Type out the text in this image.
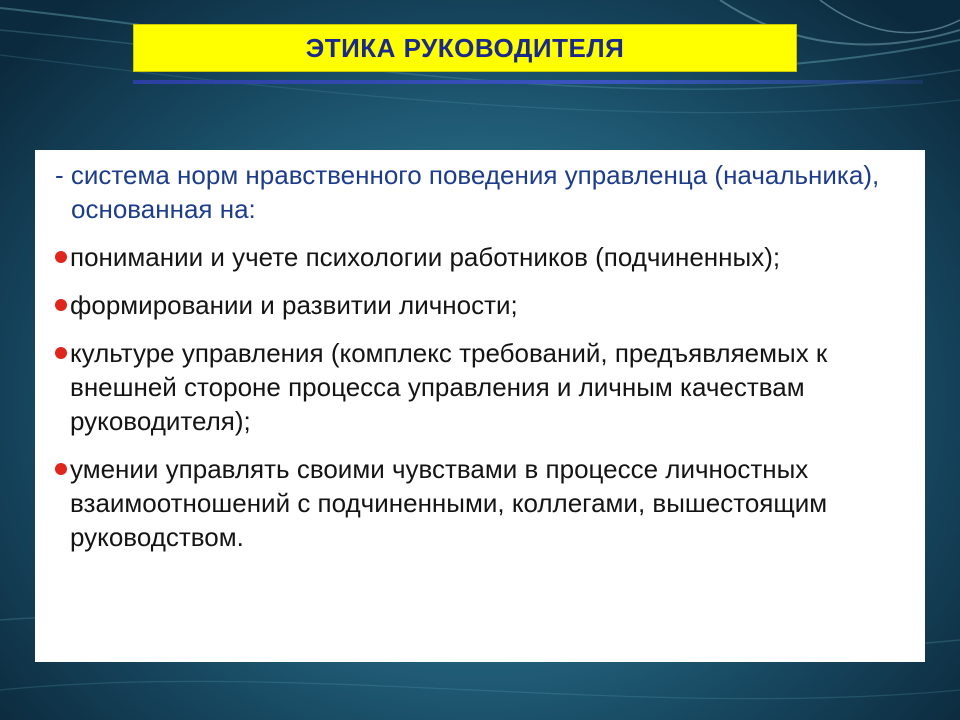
ЭТИКА РУКОВОДИТЕЛЯ

- система норм нравственного поведения управленца (начальника), основанная на:

понимании и учете психологии работников (подчиненных);
формировании и развитии личности;
культуре управления (комплекс требований, предъявляемых к внешней стороне процесса управления и личным качествам руководителя);
умении управлять своими чувствами в процессе личностных взаимоотношений с подчиненными, коллегами, вышестоящим руководством.
